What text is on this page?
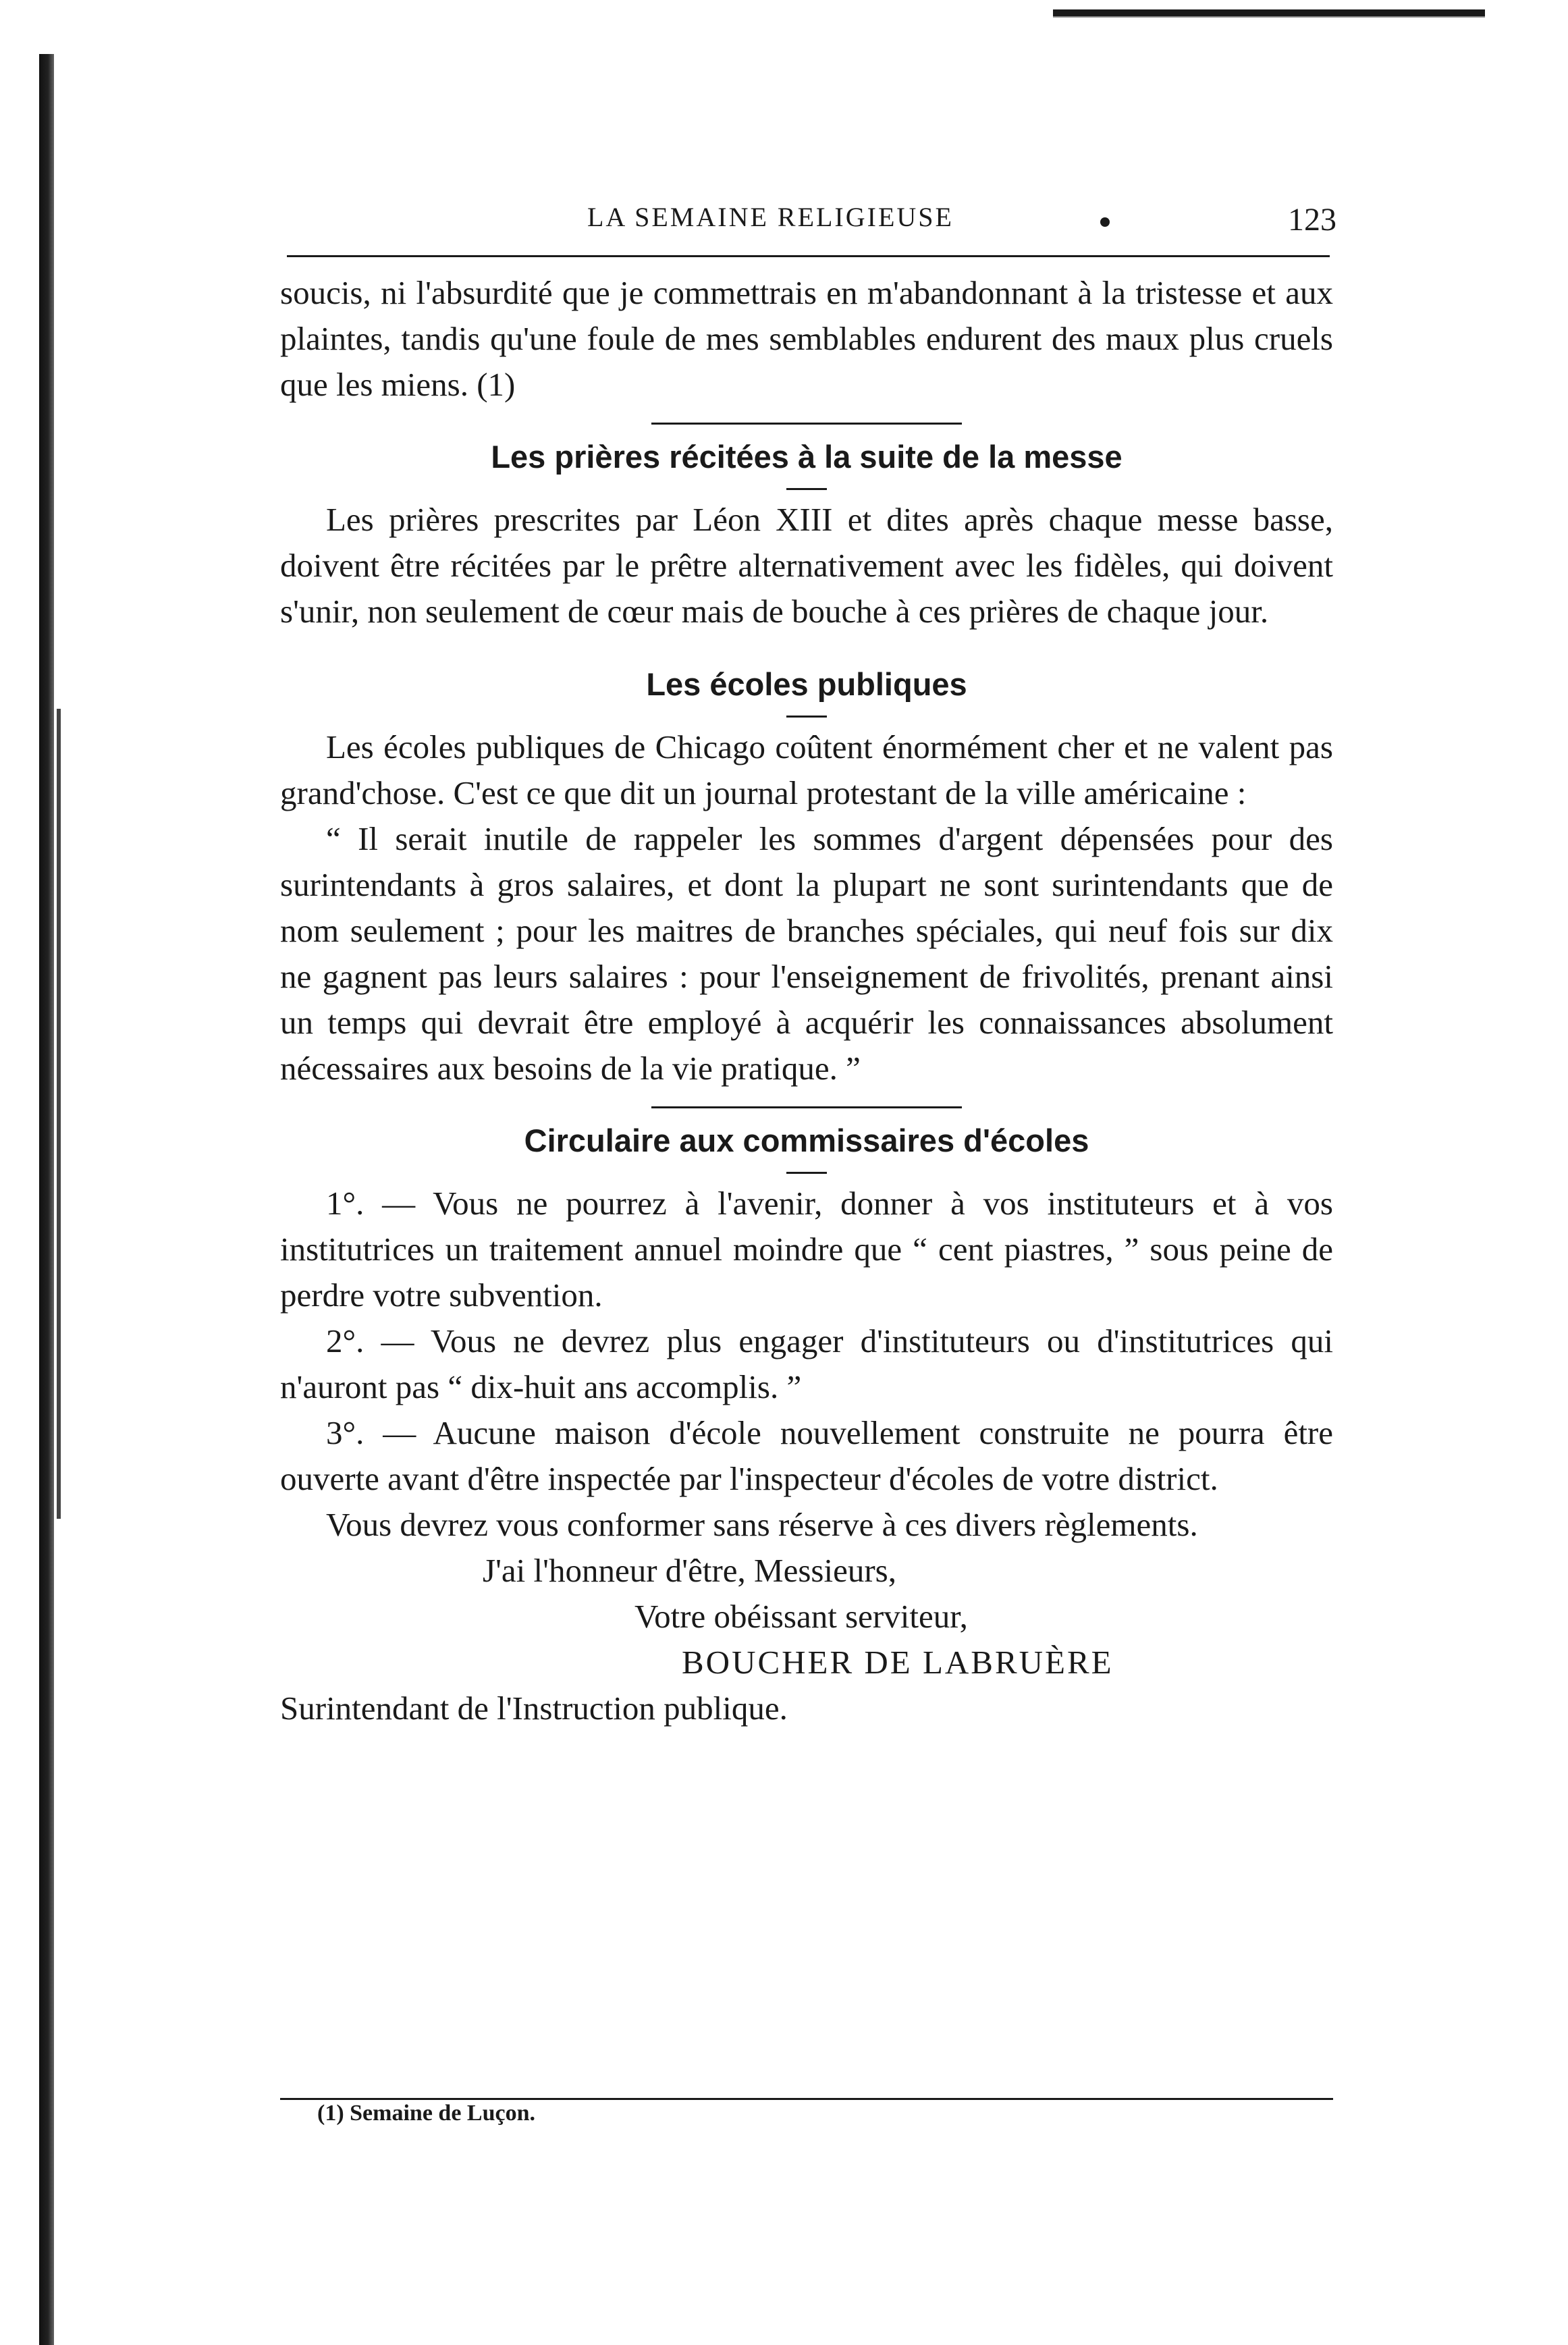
LA SEMAINE RELIGIEUSE	123

soucis, ni l'absurdité que je commettrais en m'abandonnant à la tristesse et aux plaintes, tandis qu'une foule de mes semblables endurent des maux plus cruels que les miens. (1)

Les prières récitées à la suite de la messe

Les prières prescrites par Léon XIII et dites après chaque messe basse, doivent être récitées par le prêtre alternativement avec les fidèles, qui doivent s'unir, non seulement de cœur mais de bouche à ces prières de chaque jour.

Les écoles publiques

Les écoles publiques de Chicago coûtent énormément cher et ne valent pas grand'chose. C'est ce que dit un journal protestant de la ville américaine :

“ Il serait inutile de rappeler les sommes d'argent dépensées pour des surintendants à gros salaires, et dont la plupart ne sont surintendants que de nom seulement ; pour les maitres de branches spéciales, qui neuf fois sur dix ne gagnent pas leurs salaires : pour l'enseignement de frivolités, prenant ainsi un temps qui devrait être employé à acquérir les connaissances absolument nécessaires aux besoins de la vie pratique. ”

Circulaire aux commissaires d'écoles

1°. — Vous ne pourrez à l'avenir, donner à vos instituteurs et à vos institutrices un traitement annuel moindre que “ cent piastres, ” sous peine de perdre votre subvention.

2°. — Vous ne devrez plus engager d'instituteurs ou d'institutrices qui n'auront pas “ dix-huit ans accomplis. ”

3°. — Aucune maison d'école nouvellement construite ne pourra être ouverte avant d'être inspectée par l'inspecteur d'écoles de votre district.

Vous devrez vous conformer sans réserve à ces divers règlements.

J'ai l'honneur d'être, Messieurs,
Votre obéissant serviteur,
BOUCHER DE LABRUÈRE
Surintendant de l'Instruction publique.
(1) Semaine de Luçon.
